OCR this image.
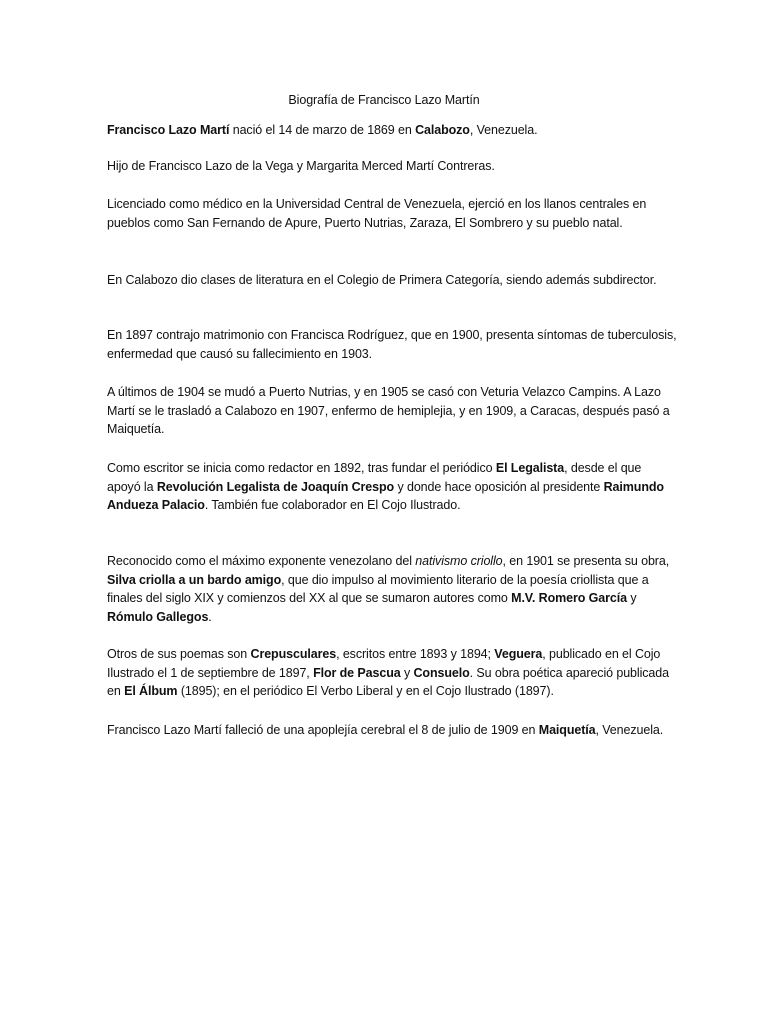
Biografía de Francisco Lazo Martín

Francisco Lazo Martí nació el 14 de marzo de 1869 en Calabozo, Venezuela.

Hijo de Francisco Lazo de la Vega y Margarita Merced Martí Contreras.

Licenciado como médico en la Universidad Central de Venezuela, ejerció en los llanos centrales en pueblos como San Fernando de Apure, Puerto Nutrias, Zaraza, El Sombrero y su pueblo natal.

En Calabozo dio clases de literatura en el Colegio de Primera Categoría, siendo además subdirector.

En 1897 contrajo matrimonio con Francisca Rodríguez, que en 1900, presenta síntomas de tuberculosis, enfermedad que causó su fallecimiento en 1903.

A últimos de 1904 se mudó a Puerto Nutrias, y en 1905 se casó con Veturia Velazco Campins. A Lazo Martí se le trasladó a Calabozo en 1907, enfermo de hemiplejia, y en 1909, a Caracas, después pasó a Maiquetía.

Como escritor se inicia como redactor en 1892, tras fundar el periódico El Legalista, desde el que apoyó la Revolución Legalista de Joaquín Crespo y donde hace oposición al presidente Raimundo Andueza Palacio. También fue colaborador en El Cojo Ilustrado.

Reconocido como el máximo exponente venezolano del nativismo criollo, en 1901 se presenta su obra, Silva criolla a un bardo amigo, que dio impulso al movimiento literario de la poesía criollista que a finales del siglo XIX y comienzos del XX al que se sumaron autores como M.V. Romero García y Rómulo Gallegos.

Otros de sus poemas son Crepusculares, escritos entre 1893 y 1894; Veguera, publicado en el Cojo Ilustrado el 1 de septiembre de 1897, Flor de Pascua y Consuelo. Su obra poética apareció publicada en El Álbum (1895); en el periódico El Verbo Liberal y en el Cojo Ilustrado (1897).

Francisco Lazo Martí falleció de una apoplejía cerebral el 8 de julio de 1909 en Maiquetía, Venezuela.
